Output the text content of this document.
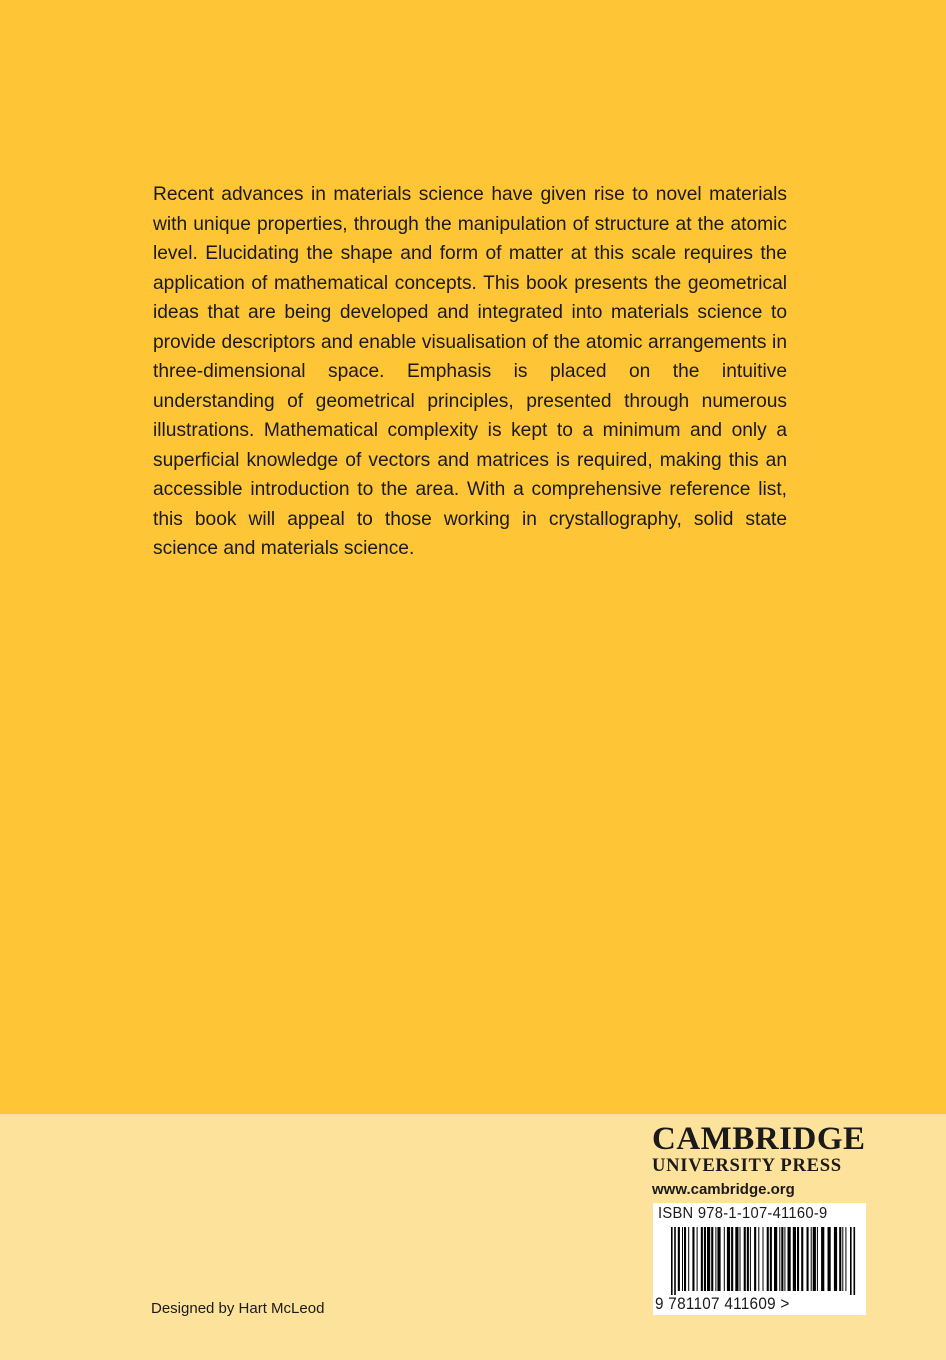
Recent advances in materials science have given rise to novel materials with unique properties, through the manipulation of structure at the atomic level. Elucidating the shape and form of matter at this scale requires the application of mathematical concepts. This book presents the geometrical ideas that are being developed and integrated into materials science to provide descriptors and enable visualisation of the atomic arrangements in three-dimensional space. Emphasis is placed on the intuitive understanding of geometrical principles, presented through numerous illustrations. Mathematical complexity is kept to a minimum and only a superficial knowledge of vectors and matrices is required, making this an accessible introduction to the area. With a comprehensive reference list, this book will appeal to those working in crystallography, solid state science and materials science.

CAMBRIDGE
UNIVERSITY PRESS
www.cambridge.org
ISBN 978-1-107-41160-9
9 781107 411609 >
Designed by Hart McLeod
